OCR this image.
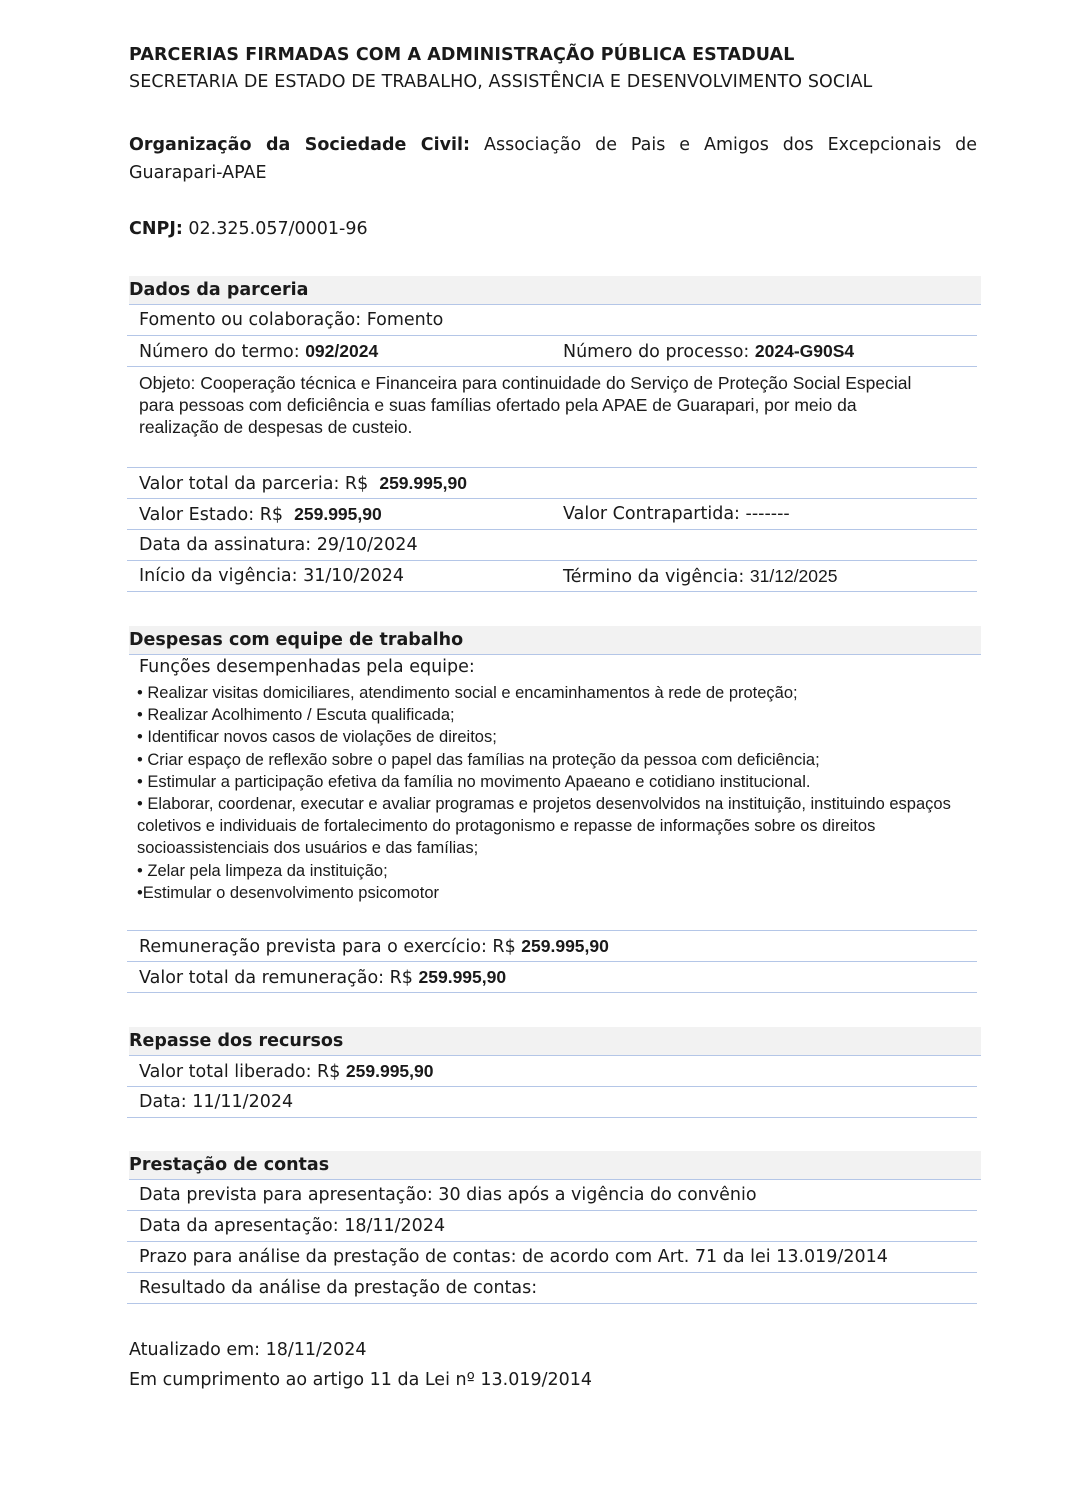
PARCERIAS FIRMADAS COM A ADMINISTRAÇÃO PÚBLICA ESTADUAL
SECRETARIA DE ESTADO DE TRABALHO, ASSISTÊNCIA E DESENVOLVIMENTO SOCIAL
Organização da Sociedade Civil: Associação de Pais e Amigos dos Excepcionais de Guarapari-APAE
CNPJ: 02.325.057/0001-96
Dados da parceria
Fomento ou colaboração: Fomento
Número do termo: 092/2024	Número do processo: 2024-G90S4
Objeto: Cooperação técnica e Financeira para continuidade do Serviço de Proteção Social Especial para pessoas com deficiência e suas famílias ofertado pela APAE de Guarapari, por meio da realização de despesas de custeio.
Valor total da parceria: R$ 259.995,90
Valor Estado: R$ 259.995,90	Valor Contrapartida: -------
Data da assinatura: 29/10/2024
Início da vigência: 31/10/2024	Término da vigência: 31/12/2025
Despesas com equipe de trabalho
Funções desempenhadas pela equipe:
• Realizar visitas domiciliares, atendimento social e encaminhamentos à rede de proteção;
• Realizar Acolhimento / Escuta qualificada;
• Identificar novos casos de violações de direitos;
• Criar espaço de reflexão sobre o papel das famílias na proteção da pessoa com deficiência;
• Estimular a participação efetiva da família no movimento Apaeano e cotidiano institucional.
• Elaborar, coordenar, executar e avaliar programas e projetos desenvolvidos na instituição, instituindo espaços coletivos e individuais de fortalecimento do protagonismo e repasse de informações sobre os direitos socioassistenciais dos usuários e das famílias;
• Zelar pela limpeza da instituição;
•Estimular o desenvolvimento psicomotor
Remuneração prevista para o exercício: R$ 259.995,90
Valor total da remuneração: R$ 259.995,90
Repasse dos recursos
Valor total liberado: R$ 259.995,90
Data: 11/11/2024
Prestação de contas
Data prevista para apresentação: 30 dias após a vigência do convênio
Data da apresentação: 18/11/2024
Prazo para análise da prestação de contas: de acordo com Art. 71 da lei 13.019/2014
Resultado da análise da prestação de contas:
Atualizado em: 18/11/2024
Em cumprimento ao artigo 11 da Lei nº 13.019/2014
